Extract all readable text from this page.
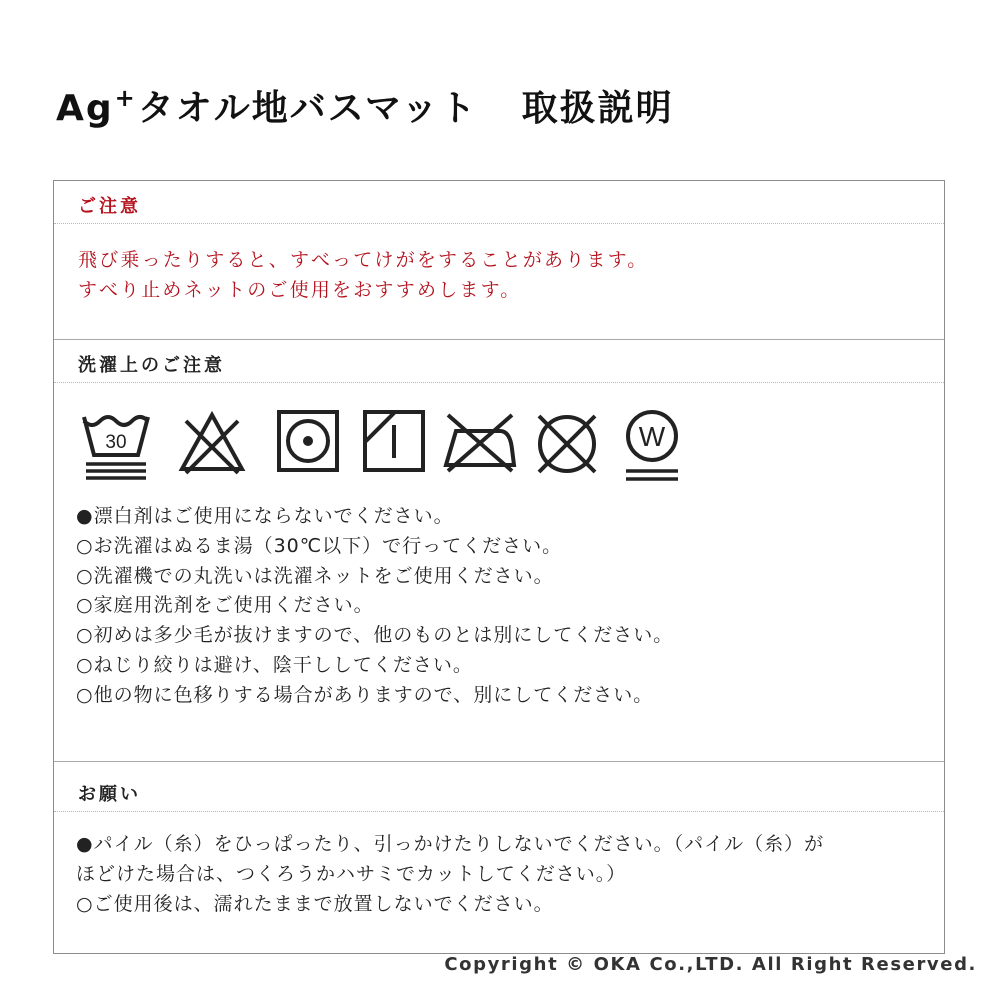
Ag+タオル地バスマット 取扱説明
ご注意
飛び乗ったりすると、すべってけがをすることがあります。
すべり止めネットのご使用をおすすめします。
洗濯上のご注意
30	W
●漂白剤はご使用にならないでください。
○お洗濯はぬるま湯（30℃以下）で行ってください。
○洗濯機での丸洗いは洗濯ネットをご使用ください。
○家庭用洗剤をご使用ください。
○初めは多少毛が抜けますので、他のものとは別にしてください。
○ねじり絞りは避け、陰干ししてください。
○他の物に色移りする場合がありますので、別にしてください。
お願い
●パイル（糸）をひっぱったり、引っかけたりしないでください。（パイル（糸）が
ほどけた場合は、つくろうかハサミでカットしてください。）
○ご使用後は、濡れたままで放置しないでください。
Copyright © OKA Co.,LTD. All Right Reserved.
